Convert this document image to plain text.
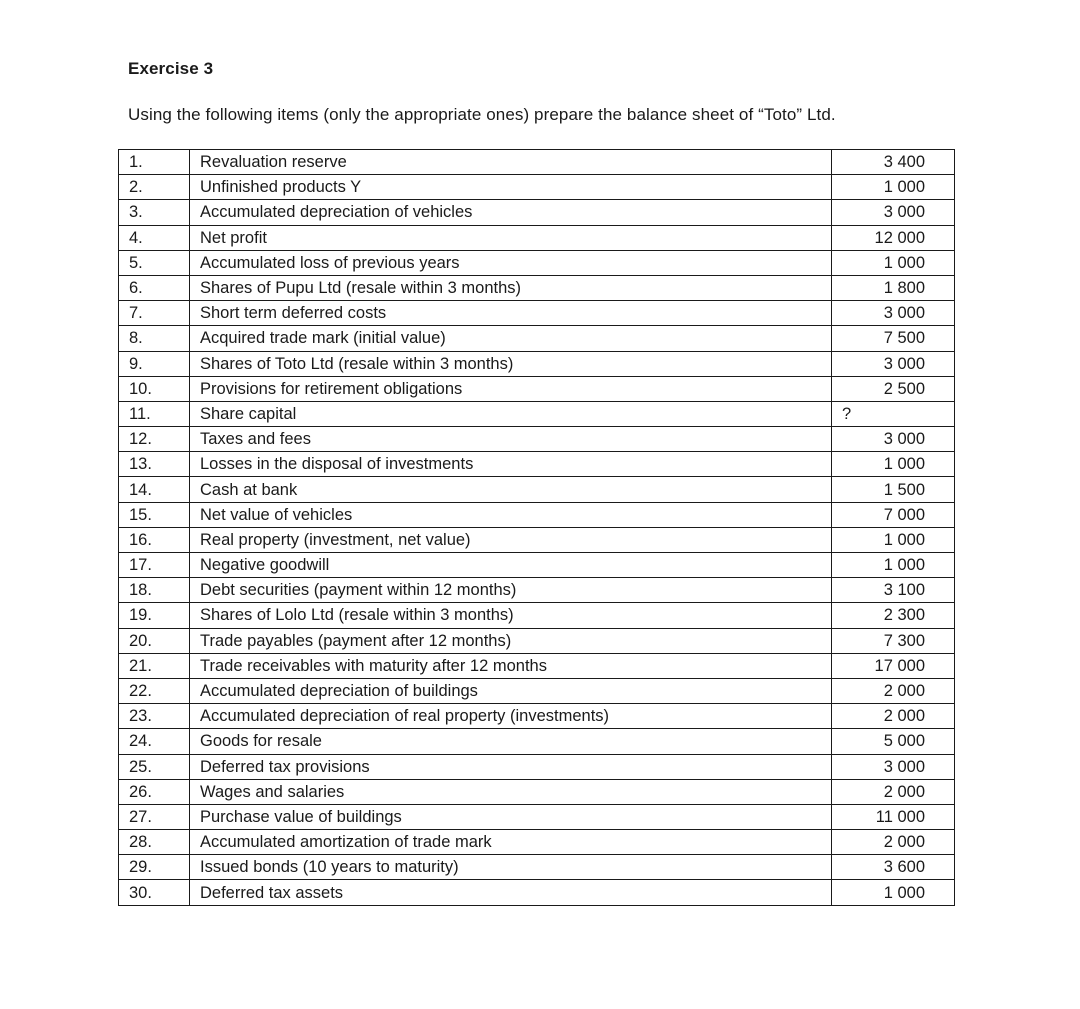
Exercise 3
Using the following items (only the appropriate ones) prepare the balance sheet of “Toto” Ltd.
1.	Revaluation reserve	3 400
2.	Unfinished products Y	1 000
3.	Accumulated depreciation of vehicles	3 000
4.	Net profit	12 000
5.	Accumulated loss of previous years	1 000
6.	Shares of Pupu Ltd (resale within 3 months)	1 800
7.	Short term deferred costs	3 000
8.	Acquired trade mark (initial value)	7 500
9.	Shares of Toto Ltd (resale within 3 months)	3 000
10.	Provisions for retirement obligations	2 500
11.	Share capital	?
12.	Taxes and fees	3 000
13.	Losses in the disposal of investments	1 000
14.	Cash at bank	1 500
15.	Net value of vehicles	7 000
16.	Real property (investment, net value)	1 000
17.	Negative goodwill	1 000
18.	Debt securities (payment within 12 months)	3 100
19.	Shares of Lolo Ltd (resale within 3 months)	2 300
20.	Trade payables (payment after 12 months)	7 300
21.	Trade receivables with maturity after 12 months	17 000
22.	Accumulated depreciation of buildings	2 000
23.	Accumulated depreciation of real property (investments)	2 000
24.	Goods for resale	5 000
25.	Deferred tax provisions	3 000
26.	Wages and salaries	2 000
27.	Purchase value of buildings	11 000
28.	Accumulated amortization of trade mark	2 000
29.	Issued bonds (10 years to maturity)	3 600
30.	Deferred tax assets	1 000
